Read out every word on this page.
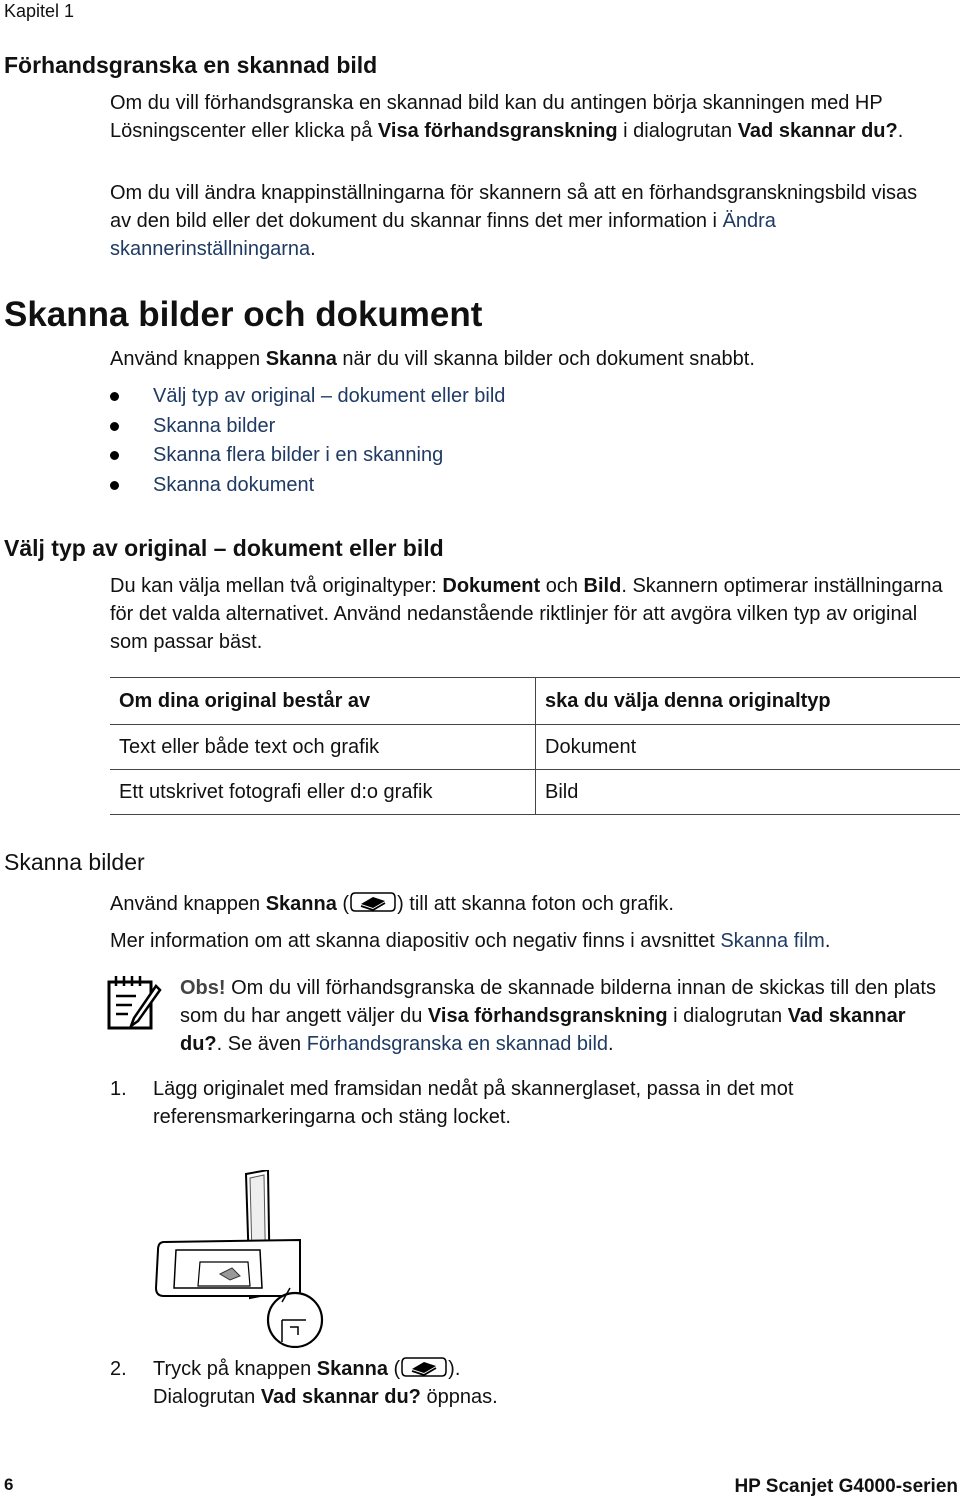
Kapitel 1
Förhandsgranska en skannad bild
Om du vill förhandsgranska en skannad bild kan du antingen börja skanningen med HP Lösningscenter eller klicka på Visa förhandsgranskning i dialogrutan Vad skannar du?.
Om du vill ändra knappinställningarna för skannern så att en förhandsgranskningsbild visas av den bild eller det dokument du skannar finns det mer information i Ändra skannerinställningarna.
Skanna bilder och dokument
Använd knappen Skanna när du vill skanna bilder och dokument snabbt.
Välj typ av original – dokument eller bild
Skanna bilder
Skanna flera bilder i en skanning
Skanna dokument
Välj typ av original – dokument eller bild
Du kan välja mellan två originaltyper: Dokument och Bild. Skannern optimerar inställningarna för det valda alternativet. Använd nedanstående riktlinjer för att avgöra vilken typ av original som passar bäst.
Om dina original består av	ska du välja denna originaltyp
Text eller både text och grafik	Dokument
Ett utskrivet fotografi eller d:o grafik	Bild
Skanna bilder
Använd knappen Skanna ( ) till att skanna foton och grafik.
Mer information om att skanna diapositiv och negativ finns i avsnittet Skanna film.
Obs! Om du vill förhandsgranska de skannade bilderna innan de skickas till den plats som du har angett väljer du Visa förhandsgranskning i dialogrutan Vad skannar du?. Se även Förhandsgranska en skannad bild.
1. Lägg originalet med framsidan nedåt på skannerglaset, passa in det mot referensmarkeringarna och stäng locket.
2. Tryck på knappen Skanna ( ).
Dialogrutan Vad skannar du? öppnas.
6	HP Scanjet G4000-serien
